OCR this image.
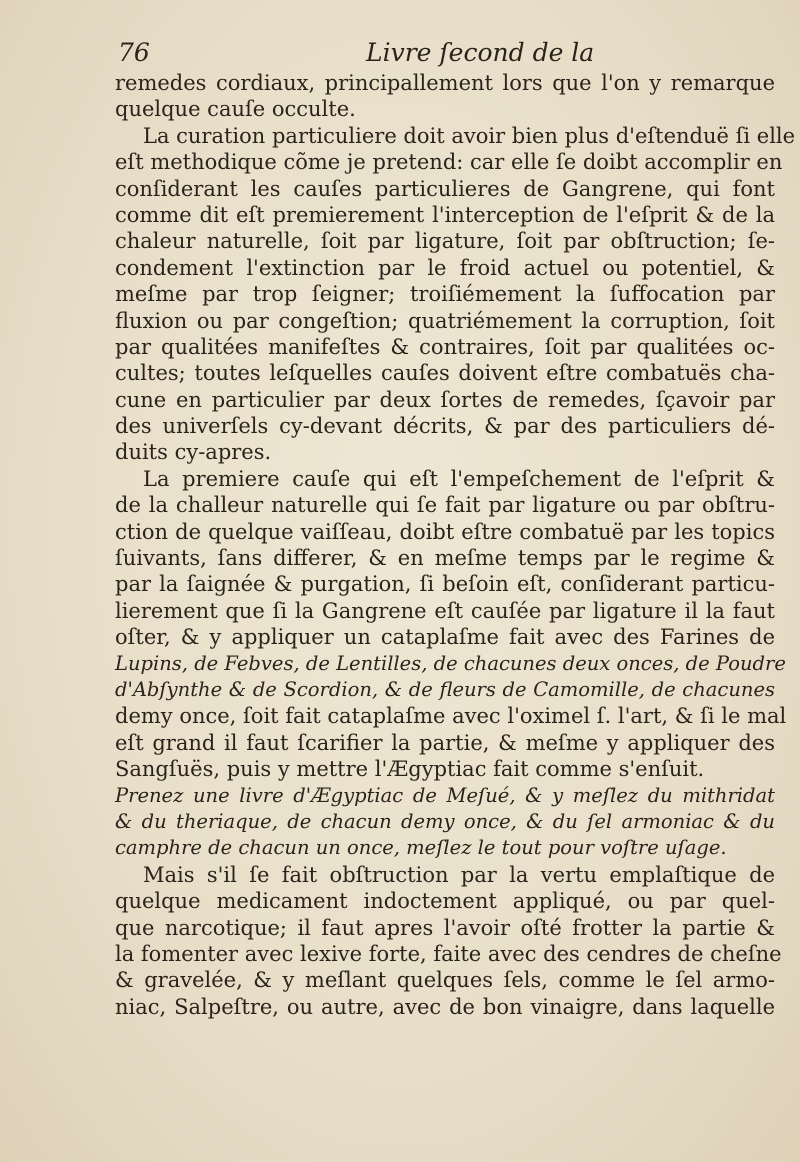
76	Livre ſecond de la
remedes cordiaux, principallement lors que l'on y remarque
quelque cauſe occulte.
La curation particuliere doit avoir bien plus d'eſtenduë ſi elle
eſt methodique cõme je pretend: car elle ſe doibt accomplir en
conſiderant les cauſes particulieres de Gangrene, qui font
comme dit eſt premierement l'interception de l'eſprit & de la
chaleur naturelle, ſoit par ligature, ſoit par obſtruction; ſe-
condement l'extinction par le froid actuel ou potentiel, &
meſme par trop ſeigner; troiſiémement la ſuffocation par
fluxion ou par congeſtion; quatriémement la corruption, ſoit
par qualitées manifeſtes & contraires, ſoit par qualitées oc-
cultes; toutes leſquelles cauſes doivent eſtre combatuës cha-
cune en particulier par deux ſortes de remedes, ſçavoir par
des univerſels cy-devant décrits, & par des particuliers dé-
duits cy-apres.
La premiere cauſe qui eſt l'empeſchement de l'eſprit &
de la challeur naturelle qui ſe fait par ligature ou par obſtru-
ction de quelque vaiſſeau, doibt eſtre combatuë par les topics
ſuivants, ſans differer, & en meſme temps par le regime &
par la ſaignée & purgation, ſi beſoin eſt, conſiderant particu-
lierement que ſi la Gangrene eſt cauſée par ligature il la faut
oſter, & y appliquer un cataplaſme fait avec des Farines de
Lupins, de Febves, de Lentilles, de chacunes deux onces, de Poudre
d'Abſynthe & de Scordion, & de fleurs de Camomille, de chacunes
demy once, ſoit fait cataplaſme avec l'oximel ſ. l'art, & ſi le mal
eſt grand il faut ſcarifier la partie, & meſme y appliquer des
Sangſuës, puis y mettre l'Ægyptiac fait comme s'enſuit.
Prenez une livre d'Ægyptiac de Meſué, & y meſlez du mithridat
& du theriaque, de chacun demy once, & du ſel armoniac & du
camphre de chacun un once, meſlez le tout pour voſtre uſage.
Mais s'il ſe fait obſtruction par la vertu emplaſtique de
quelque medicament indoctement appliqué, ou par quel-
que narcotique; il faut apres l'avoir oſté frotter la partie &
la fomenter avec lexive forte, faite avec des cendres de cheſne
& gravelée, & y meſlant quelques ſels, comme le ſel armo-
niac, Salpeſtre, ou autre, avec de bon vinaigre, dans laquelle
